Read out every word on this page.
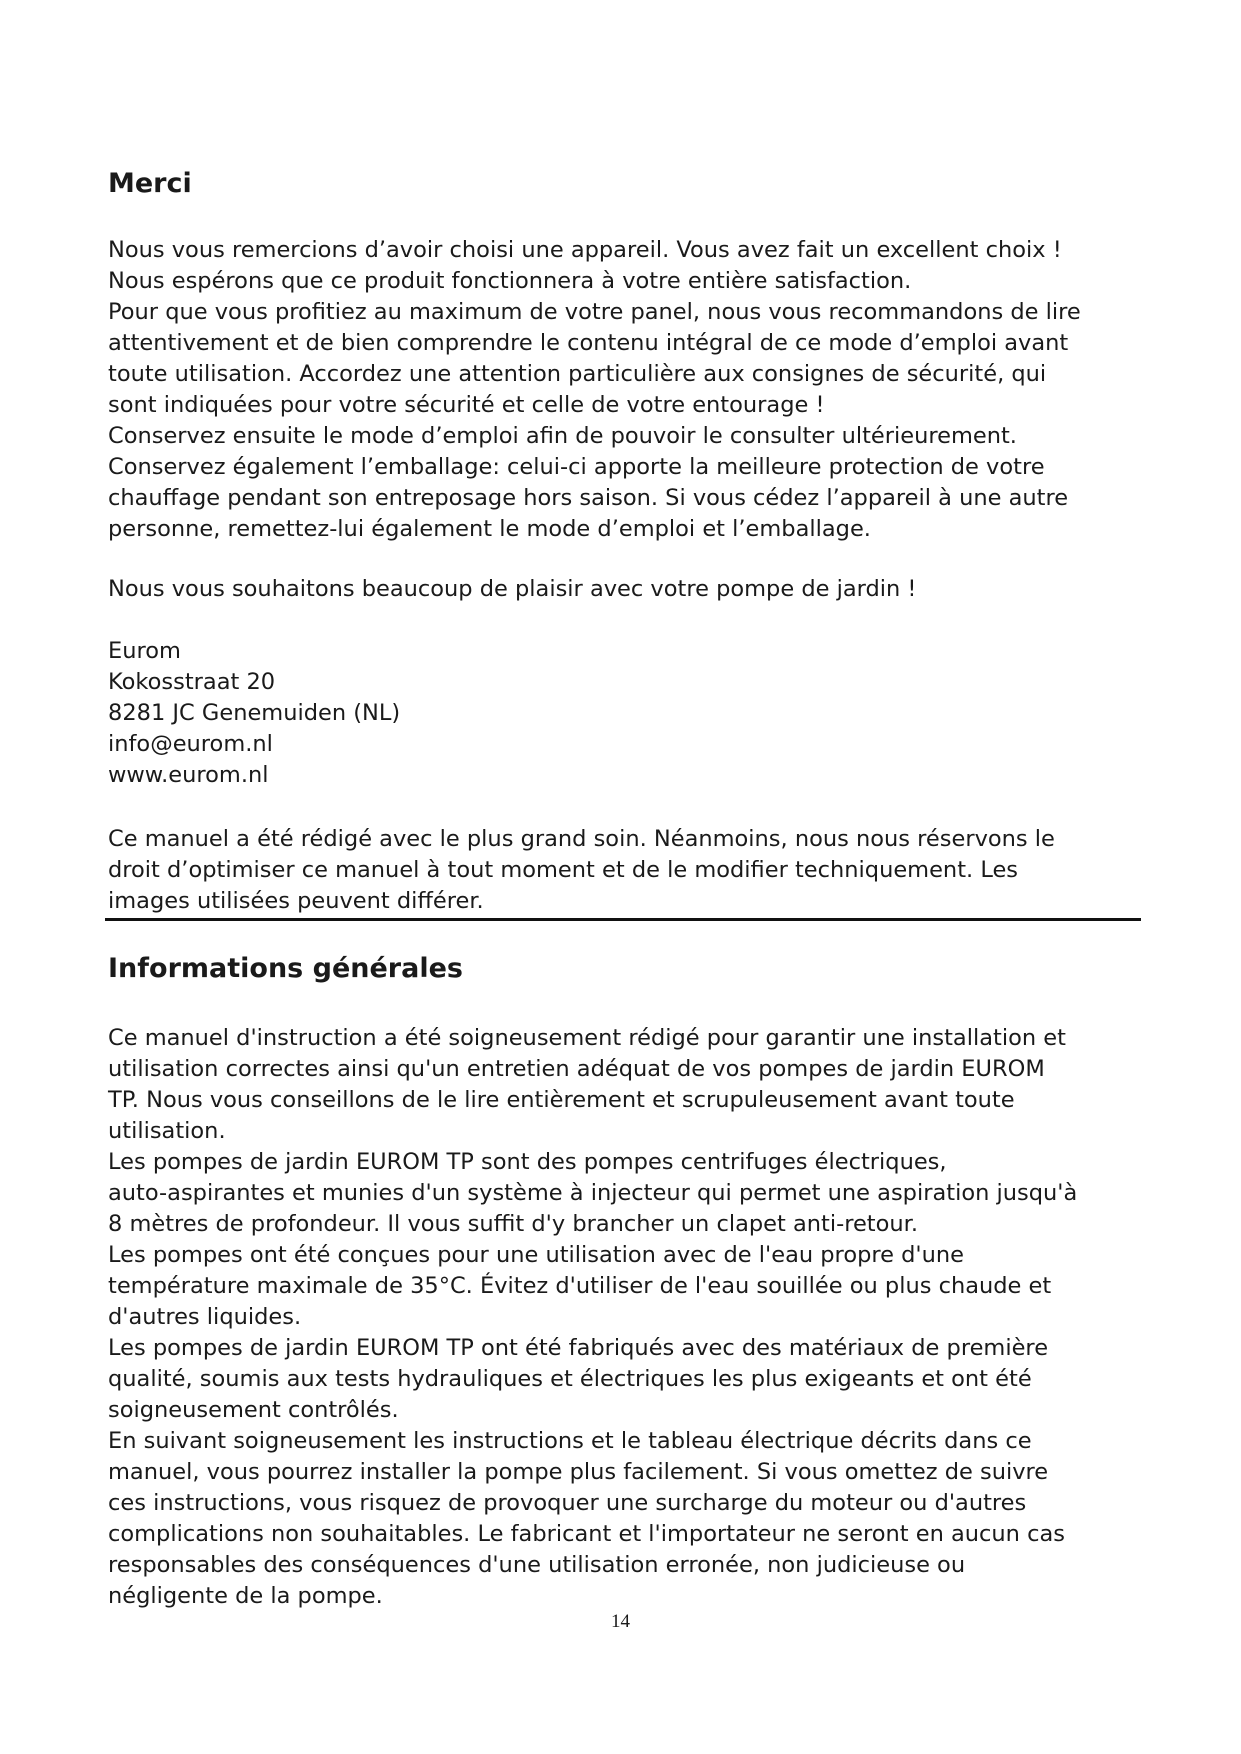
Merci
Nous vous remercions d’avoir choisi une appareil. Vous avez fait un excellent choix !
Nous espérons que ce produit fonctionnera à votre entière satisfaction.
Pour que vous profitiez au maximum de votre panel, nous vous recommandons de lire
attentivement et de bien comprendre le contenu intégral de ce mode d’emploi avant
toute utilisation. Accordez une attention particulière aux consignes de sécurité, qui
sont indiquées pour votre sécurité et celle de votre entourage !
Conservez ensuite le mode d’emploi afin de pouvoir le consulter ultérieurement.
Conservez également l’emballage: celui-ci apporte la meilleure protection de votre
chauffage pendant son entreposage hors saison. Si vous cédez l’appareil à une autre
personne, remettez-lui également le mode d’emploi et l’emballage.
Nous vous souhaitons beaucoup de plaisir avec votre pompe de jardin !
Eurom
Kokosstraat 20
8281 JC Genemuiden (NL)
info@eurom.nl
www.eurom.nl
Ce manuel a été rédigé avec le plus grand soin. Néanmoins, nous nous réservons le
droit d’optimiser ce manuel à tout moment et de le modifier techniquement. Les
images utilisées peuvent différer.
Informations générales
Ce manuel d'instruction a été soigneusement rédigé pour garantir une installation et
utilisation correctes ainsi qu'un entretien adéquat de vos pompes de jardin EUROM
TP. Nous vous conseillons de le lire entièrement et scrupuleusement avant toute
utilisation.
Les pompes de jardin EUROM TP sont des pompes centrifuges électriques,
auto-aspirantes et munies d'un système à injecteur qui permet une aspiration jusqu'à
8 mètres de profondeur. Il vous suffit d'y brancher un clapet anti-retour.
Les pompes ont été conçues pour une utilisation avec de l'eau propre d'une
température maximale de 35°C. Évitez d'utiliser de l'eau souillée ou plus chaude et
d'autres liquides.
Les pompes de jardin EUROM TP ont été fabriqués avec des matériaux de première
qualité, soumis aux tests hydrauliques et électriques les plus exigeants et ont été
soigneusement contrôlés.
En suivant soigneusement les instructions et le tableau électrique décrits dans ce
manuel, vous pourrez installer la pompe plus facilement. Si vous omettez de suivre
ces instructions, vous risquez de provoquer une surcharge du moteur ou d'autres
complications non souhaitables. Le fabricant et l'importateur ne seront en aucun cas
responsables des conséquences d'une utilisation erronée, non judicieuse ou
négligente de la pompe.
14
